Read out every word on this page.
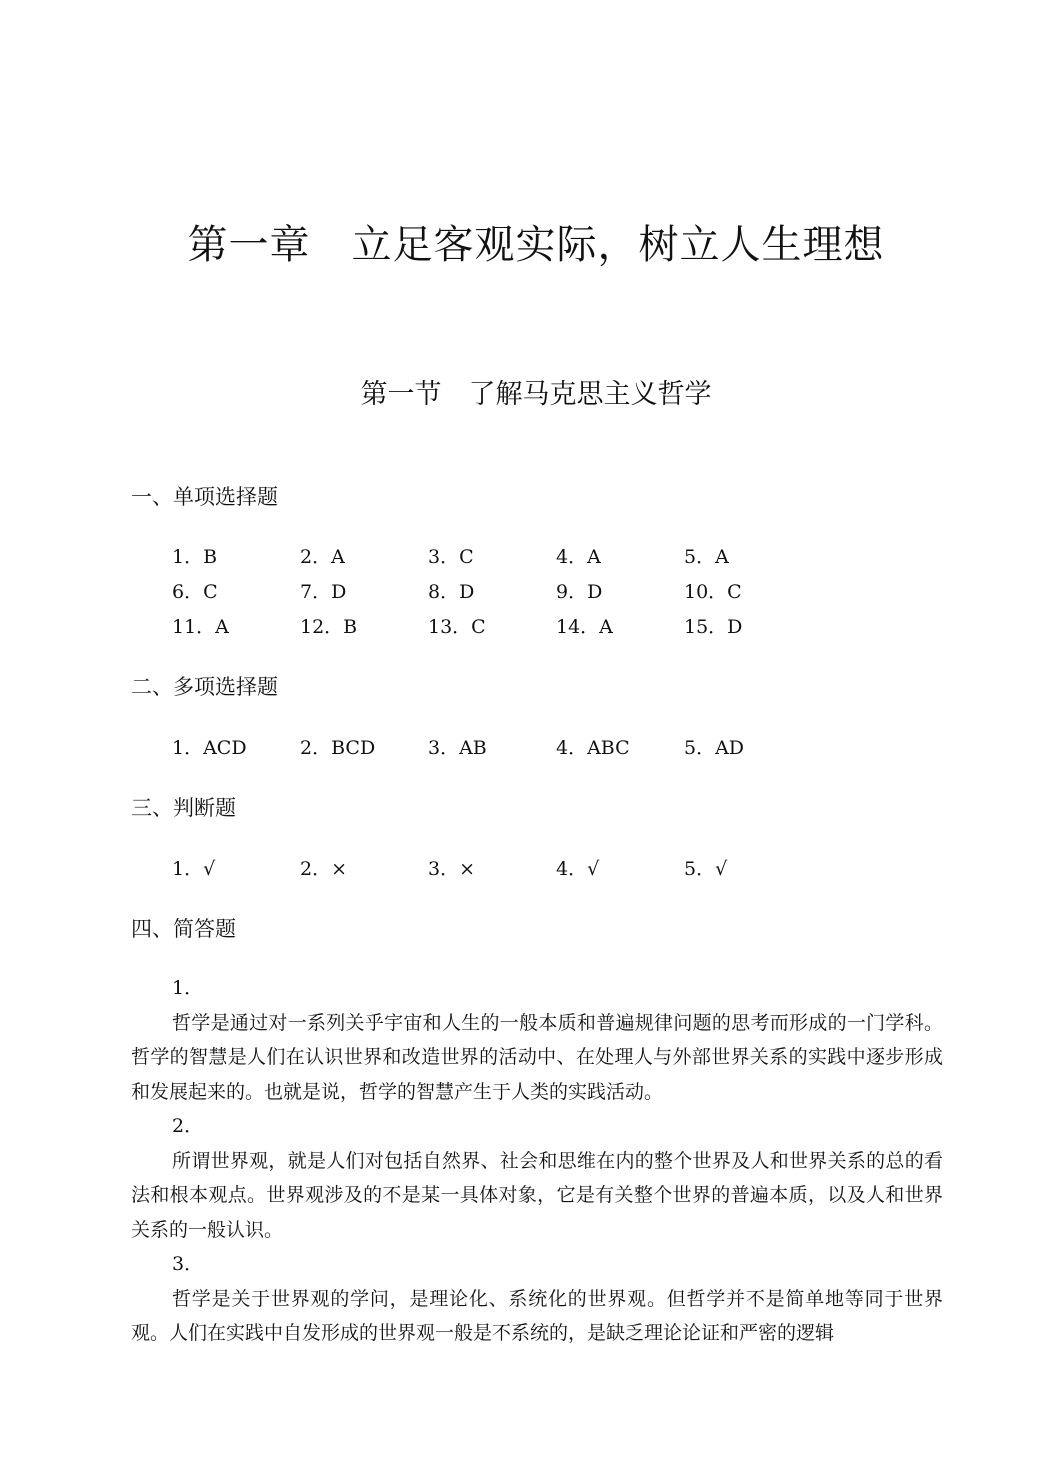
第一章　立足客观实际，树立人生理想
第一节　了解马克思主义哲学
一、单项选择题
1．B	2．A	3．C	4．A	5．A
6．C	7．D	8．D	9．D	10．C
11．A	12．B	13．C	14．A	15．D
二、多项选择题
1．ACD	2．BCD	3．AB	4．ABC	5．AD
三、判断题
1．√	2．×	3．×	4．√	5．√
四、简答题
1．

哲学是通过对一系列关乎宇宙和人生的一般本质和普遍规律问题的思考而形成的一门学科。哲学的智慧是人们在认识世界和改造世界的活动中、在处理人与外部世界关系的实践中逐步形成和发展起来的。也就是说，哲学的智慧产生于人类的实践活动。

2．

所谓世界观，就是人们对包括自然界、社会和思维在内的整个世界及人和世界关系的总的看法和根本观点。世界观涉及的不是某一具体对象，它是有关整个世界的普遍本质，以及人和世界关系的一般认识。

3．

哲学是关于世界观的学问，是理论化、系统化的世界观。但哲学并不是简单地等同于世界观。人们在实践中自发形成的世界观一般是不系统的，是缺乏理论论证和严密的逻辑
